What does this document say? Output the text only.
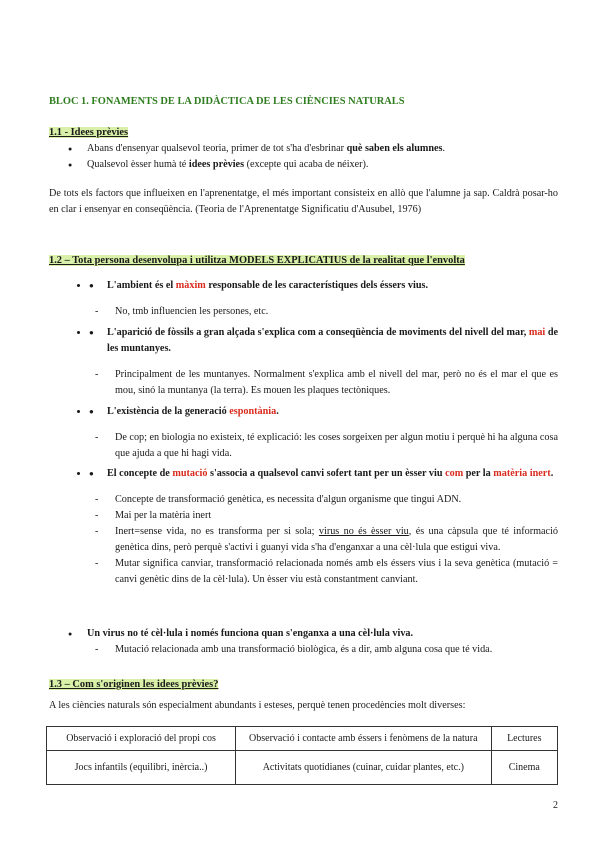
BLOC 1. FONAMENTS DE LA DIDÀCTICA DE LES CIÈNCIES NATURALS
1.1 - Idees prèvies
● Abans d'ensenyar qualsevol teoria, primer de tot s'ha d'esbrinar què saben els alumnes.
● Qualsevol èsser humà té idees prèvies (excepte qui acaba de néixer).
De tots els factors que influeixen en l'aprenentatge, el més important consisteix en allò que l'alumne ja sap. Caldrà posar-ho en clar i ensenyar en conseqüència. (Teoria de l'Aprenentatge Significatiu d'Ausubel, 1976)
1.2 – Tota persona desenvolupa i utilitza MODELS EXPLICATIUS de la realitat que l'envolta
● • L'ambient és el màxim responsable de les característiques dels éssers vius.
- No, tmb influencien les persones, etc.
● • L'aparició de fòssils a gran alçada s'explica com a conseqüència de moviments del nivell del mar, mai de les muntanyes.
- Principalment de les muntanyes. Normalment s'explica amb el nivell del mar, però no és el mar el que es mou, sinó la muntanya (la terra). Es mouen les plaques tectòniques.
● • L'existència de la generació espontània.
- De cop; en biologia no existeix, té explicació: les coses sorgeixen per algun motiu i perquè hi ha alguna cosa que ajuda a que hi hagi vida.
● • El concepte de mutació s'associa a qualsevol canvi sofert tant per un èsser viu com per la matèria inert.
- Concepte de transformació genètica, es necessita d'algun organisme que tingui ADN.
- Mai per la matèria inert
- Inert=sense vida, no es transforma per si sola; virus no és èsser viu, és una càpsula que té informació genètica dins, però perquè s'activi i guanyi vida s'ha d'enganxar a una cèl·lula que estigui viva.
- Mutar significa canviar, transformació relacionada només amb els éssers vius i la seva genètica (mutació = canvi genètic dins de la cèl·lula). Un èsser viu està constantment canviant.
● Un virus no té cèl·lula i només funciona quan s'enganxa a una cèl·lula viva.
- Mutació relacionada amb una transformació biològica, és a dir, amb alguna cosa que té vida.
1.3 – Com s'originen les idees prèvies?
A les ciències naturals són especialment abundants i esteses, perquè tenen procedències molt diverses:
Observació i exploració del propi cos	Observació i contacte amb éssers i fenòmens de la natura	Lectures
Jocs infantils (equilibri, inèrcia..)	Activitats quotidianes (cuinar, cuidar plantes, etc.)	Cinema
2
